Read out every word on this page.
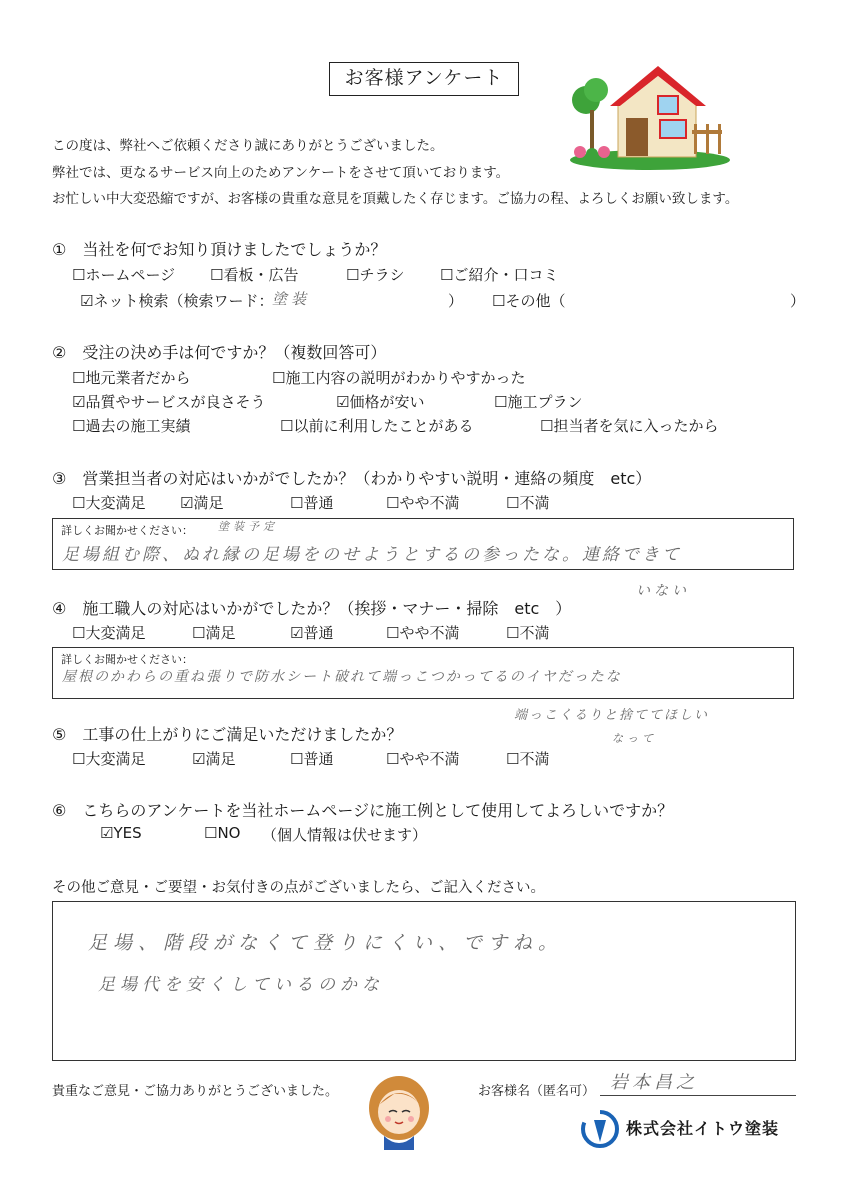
お客様アンケート
この度は、弊社へご依頼くださり誠にありがとうございました。
弊社では、更なるサービス向上のためアンケートをさせて頂いております。
お忙しい中大変恐縮ですが、お客様の貴重な意見を頂戴したく存じます。ご協力の程、よろしくお願い致します。
①　当社を何でお知り頂けましたでしょうか？
☐ ホームページ	☐ 看板・広告	☐ チラシ	☐ ご紹介・口コミ
☑ネット検索（検索ワード：
塗装	）	☐ その他（	）
②　受注の決め手は何ですか？（複数回答可）
☐ 地元業者だから	☐ 施工内容の説明がわかりやすかった
☑品質やサービスが良さそう	☑価格が安い	☐ 施工プラン
☐ 過去の施工実績	☐ 以前に利用したことがある	☐ 担当者を気に入ったから
③　営業担当者の対応はいかがでしたか？（わかりやすい説明・連絡の頻度　etc）
☐ 大変満足 ☑満足	☐ 普通	☐ やや不満	☐ 不満
詳しくお聞かせください： 塗装予定
足場組む際、ぬれ縁の足場をのせようとするの参ったな。連絡できて
いない
④　施工職人の対応はいかがでしたか？（挨拶・マナー・掃除　etc　）
☐ 大変満足	☐ 満足	☑普通	☐ やや不満	☐ 不満
詳しくお聞かせください：
屋根のかわらの重ね張りで防水シート破れて端っこつかってるのイヤだったな
端っこくるりと捨ててほしい
なって
⑤　工事の仕上がりにご満足いただけましたか？
☐ 大変満足	☑満足	☐ 普通	☐ やや不満	☐ 不満
⑥　こちらのアンケートを当社ホームページに施工例として使用してよろしいですか？
☑YES	☐ NO （個人情報は伏せます）
その他ご意見・ご要望・お気付きの点がございましたら、ご記入ください。
足場、階段がなくて登りにくい、ですね。
足場代を安くしているのかな
貴重なご意見・ご協力ありがとうございました。	お客様名（匿名可） 岩本昌之
株式会社イトウ塗装
